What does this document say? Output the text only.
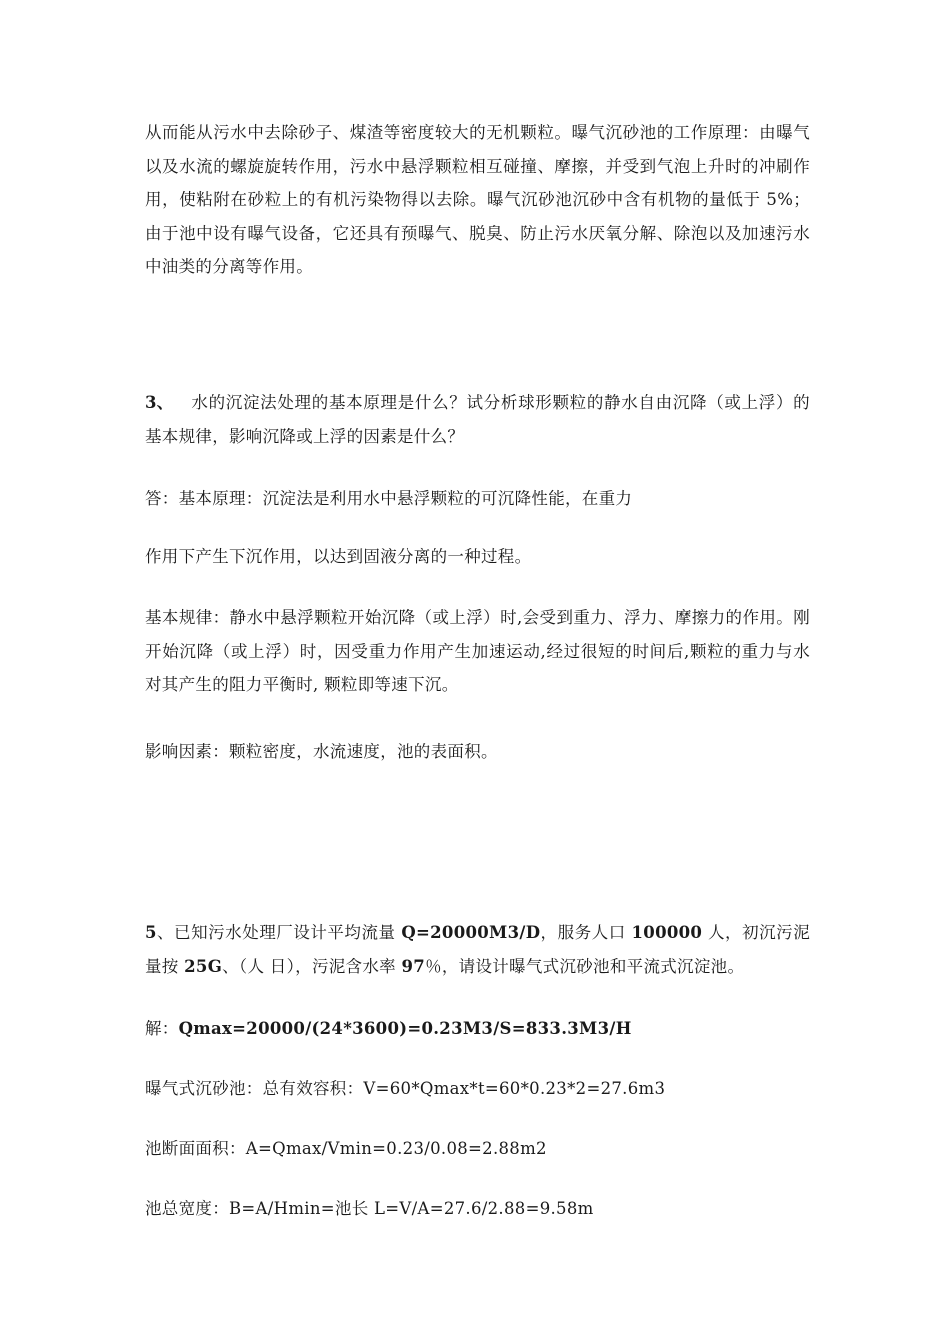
从而能从污水中去除砂子、煤渣等密度较大的无机颗粒。曝气沉砂池的工作原理：由曝气以及水流的螺旋旋转作用，污水中悬浮颗粒相互碰撞、摩擦，并受到气泡上升时的冲刷作用，使粘附在砂粒上的有机污染物得以去除。曝气沉砂池沉砂中含有机物的量低于 5%；由于池中设有曝气设备，它还具有预曝气、脱臭、防止污水厌氧分解、除泡以及加速污水中油类的分离等作用。

3、 水的沉淀法处理的基本原理是什么？试分析球形颗粒的静水自由沉降（或上浮）的基本规律，影响沉降或上浮的因素是什么？

答：基本原理：沉淀法是利用水中悬浮颗粒的可沉降性能，在重力

作用下产生下沉作用，以达到固液分离的一种过程。

基本规律：静水中悬浮颗粒开始沉降（或上浮）时,会受到重力、浮力、摩擦力的作用。刚开始沉降（或上浮）时，因受重力作用产生加速运动,经过很短的时间后,颗粒的重力与水对其产生的阻力平衡时, 颗粒即等速下沉。

影响因素：颗粒密度，水流速度，池的表面积。

5、已知污水处理厂设计平均流量 Q=20000M3/D，服务人口 100000 人，初沉污泥量按 25G、（人 日），污泥含水率 97％，请设计曝气式沉砂池和平流式沉淀池。

解：Qmax=20000/(24*3600)=0.23M3/S=833.3M3/H

曝气式沉砂池：总有效容积：V=60*Qmax*t=60*0.23*2=27.6m3

池断面面积：A=Qmax/Vmin=0.23/0.08=2.88m2

池总宽度：B=A/Hmin=池长 L=V/A=27.6/2.88=9.58m
